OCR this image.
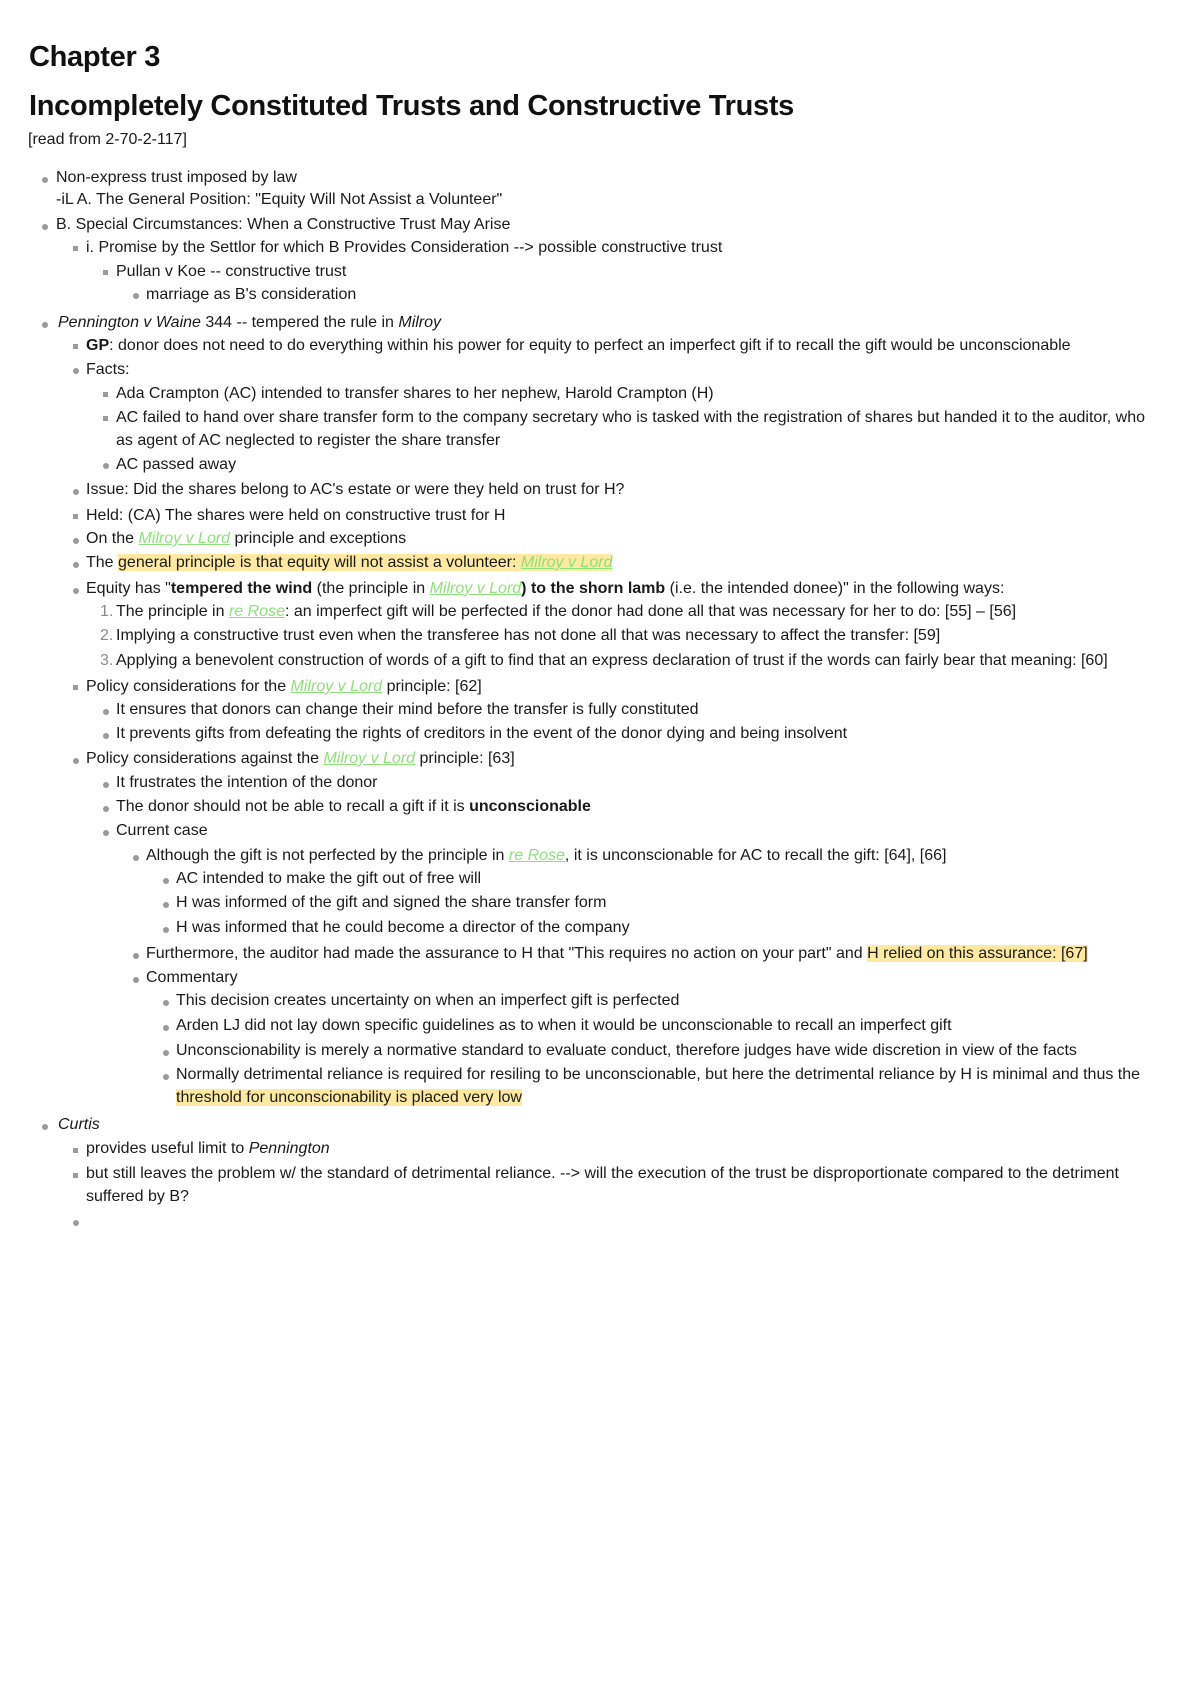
Chapter 3
Incompletely Constituted Trusts and Constructive Trusts
[read from 2-70-2-117]
Non-express trust imposed by law
-iL A. The General Position: "Equity Will Not Assist a Volunteer"
B. Special Circumstances: When a Constructive Trust May Arise
i. Promise by the Settlor for which B Provides Consideration --> possible constructive trust
Pullan v Koe -- constructive trust
marriage as B's consideration
Pennington v Waine 344 -- tempered the rule in Milroy
GP: donor does not need to do everything within his power for equity to perfect an imperfect gift if to recall the gift would be unconscionable
Facts:
Ada Crampton (AC) intended to transfer shares to her nephew, Harold Crampton (H)
AC failed to hand over share transfer form to the company secretary who is tasked with the registration of shares but handed it to the auditor, who
as agent of AC neglected to register the share transfer
AC passed away
Issue: Did the shares belong to AC's estate or were they held on trust for H?
Held: (CA) The shares were held on constructive trust for H
On the Milroy v Lord principle and exceptions
The general principle is that equity will not assist a volunteer: Milroy v Lord
Equity has "tempered the wind (the principle in Milroy v Lord) to the shorn lamb (i.e. the intended donee)" in the following ways:
1. The principle in re Rose: an imperfect gift will be perfected if the donor had done all that was necessary for her to do: [55] – [56]
2. Implying a constructive trust even when the transferee has not done all that was necessary to affect the transfer: [59]
3. Applying a benevolent construction of words of a gift to find that an express declaration of trust if the words can fairly bear that meaning: [60]
Policy considerations for the Milroy v Lord principle: [62]
It ensures that donors can change their mind before the transfer is fully constituted
It prevents gifts from defeating the rights of creditors in the event of the donor dying and being insolvent
Policy considerations against the Milroy v Lord principle: [63]
It frustrates the intention of the donor
The donor should not be able to recall a gift if it is unconscionable
Current case
Although the gift is not perfected by the principle in re Rose, it is unconscionable for AC to recall the gift: [64], [66]
AC intended to make the gift out of free will
H was informed of the gift and signed the share transfer form
H was informed that he could become a director of the company
Furthermore, the auditor had made the assurance to H that "This requires no action on your part" and H relied on this assurance: [67]
Commentary
This decision creates uncertainty on when an imperfect gift is perfected
Arden LJ did not lay down specific guidelines as to when it would be unconscionable to recall an imperfect gift
Unconscionability is merely a normative standard to evaluate conduct, therefore judges have wide discretion in view of the facts
Normally detrimental reliance is required for resiling to be unconscionable, but here the detrimental reliance by H is minimal and thus the
threshold for unconscionability is placed very low
Curtis
provides useful limit to Pennington
but still leaves the problem w/ the standard of detrimental reliance. --> will the execution of the trust be disproportionate compared to the detriment
suffered by B?
